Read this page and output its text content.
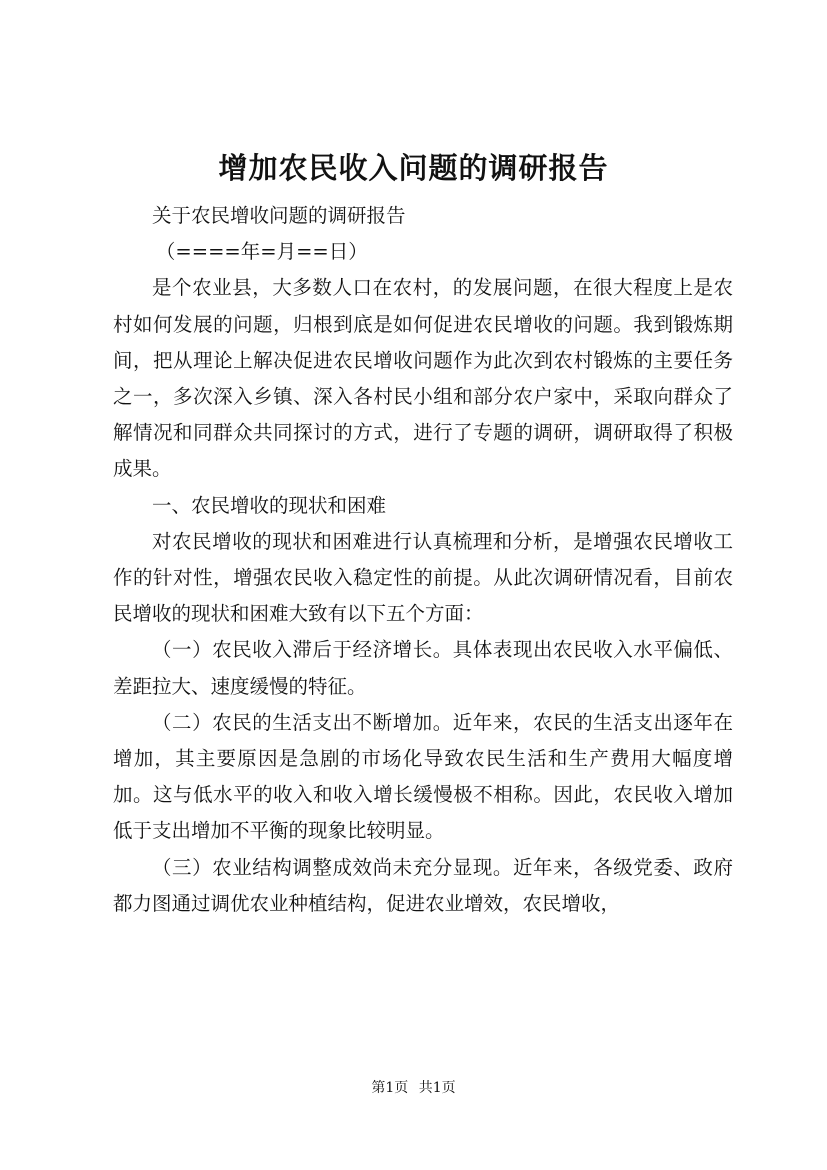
增加农民收入问题的调研报告

关于农民增收问题的调研报告

（====年=月==日）

是个农业县，大多数人口在农村，的发展问题，在很大程度上是农村如何发展的问题，归根到底是如何促进农民增收的问题。我到锻炼期间，把从理论上解决促进农民增收问题作为此次到农村锻炼的主要任务之一，多次深入乡镇、深入各村民小组和部分农户家中，采取向群众了解情况和同群众共同探讨的方式，进行了专题的调研，调研取得了积极成果。

一、农民增收的现状和困难

对农民增收的现状和困难进行认真梳理和分析，是增强农民增收工作的针对性，增强农民收入稳定性的前提。从此次调研情况看，目前农民增收的现状和困难大致有以下五个方面：

（一）农民收入滞后于经济增长。具体表现出农民收入水平偏低、差距拉大、速度缓慢的特征。

（二）农民的生活支出不断增加。近年来，农民的生活支出逐年在增加，其主要原因是急剧的市场化导致农民生活和生产费用大幅度增加。这与低水平的收入和收入增长缓慢极不相称。因此，农民收入增加低于支出增加不平衡的现象比较明显。

（三）农业结构调整成效尚未充分显现。近年来，各级党委、政府都力图通过调优农业种植结构，促进农业增效，农民增收，

第1页 共1页
